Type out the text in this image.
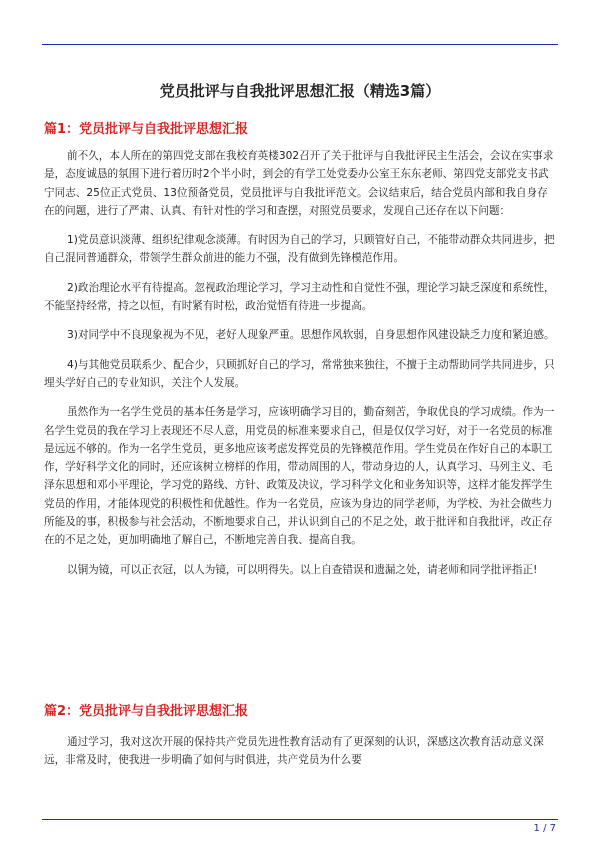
党员批评与自我批评思想汇报（精选3篇）
篇1：党员批评与自我批评思想汇报

前不久，本人所在的第四党支部在我校育英楼302召开了关于批评与自我批评民主生活会，会议在实事求是，态度诚恳的氛围下进行着历时2个半小时，到会的有学工处党委办公室王东东老师、第四党支部党支书武宁同志、25位正式党员、13位预备党员，党员批评与自我批评范文。会议结束后，结合党员内部和我自身存在的问题，进行了严肃、认真、有针对性的学习和查摆，对照党员要求，发现自己还存在以下问题：

1)党员意识淡薄、组织纪律观念淡薄。有时因为自己的学习，只顾管好自己，不能带动群众共同进步，把自己混同普通群众，带领学生群众前进的能力不强，没有做到先锋模范作用。

2)政治理论水平有待提高。忽视政治理论学习，学习主动性和自觉性不强，理论学习缺乏深度和系统性，不能坚持经常，持之以恒，有时紧有时松，政治觉悟有待进一步提高。

3)对同学中不良现象视为不见，老好人现象严重。思想作风软弱，自身思想作风建设缺乏力度和紧迫感。

4)与其他党员联系少、配合少，只顾抓好自己的学习，常常独来独往，不擅于主动帮助同学共同进步，只埋头学好自己的专业知识，关注个人发展。

虽然作为一名学生党员的基本任务是学习，应该明确学习目的，勤奋刻苦，争取优良的学习成绩。作为一名学生党员的我在学习上表现还不尽人意，用党员的标准来要求自己，但是仅仅学习好，对于一名党员的标准是远远不够的。作为一名学生党员，更多地应该考虑发挥党员的先锋模范作用。学生党员在作好自己的本职工作，学好科学文化的同时，还应该树立榜样的作用，带动周围的人，带动身边的人，认真学习、马列主义、毛泽东思想和邓小平理论，学习党的路线、方针、政策及决议，学习科学文化和业务知识等，这样才能发挥学生党员的作用，才能体现党的积极性和优越性。作为一名党员，应该为身边的同学老师，为学校、为社会做些力所能及的事，积极参与社会活动，不断地要求自己，并认识到自己的不足之处，敢于批评和自我批评，改正存在的不足之处，更加明确地了解自己，不断地完善自我、提高自我。

以铜为镜，可以正衣冠，以人为镜，可以明得失。以上自查错误和遗漏之处，请老师和同学批评指正!

篇2：党员批评与自我批评思想汇报

通过学习，我对这次开展的保持共产党员先进性教育活动有了更深刻的认识，深感这次教育活动意义深远，非常及时，使我进一步明确了如何与时俱进，共产党员为什么要

1 / 7
